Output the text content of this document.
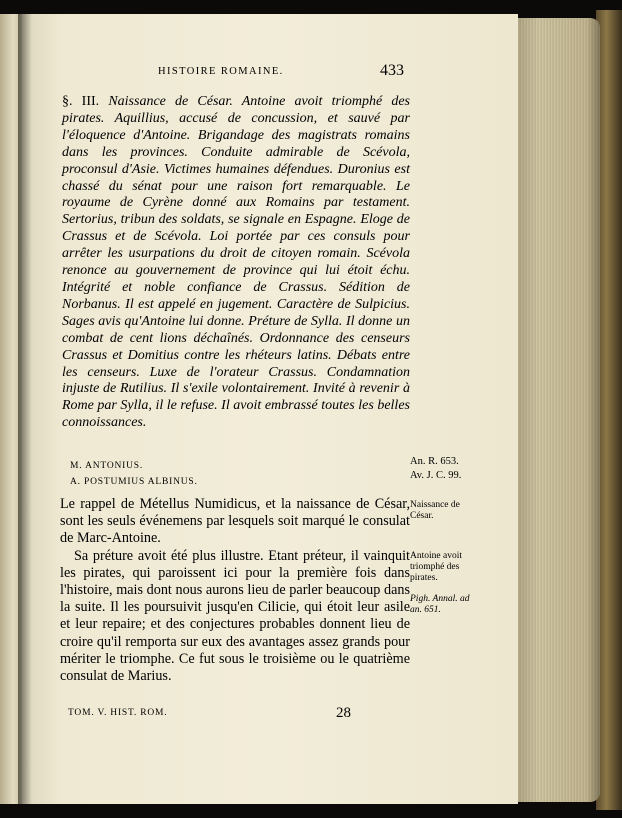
HISTOIRE ROMAINE.	433
§. III. Naissance de César. Antoine avoit triomphé des pirates. Aquillius, accusé de concussion, et sauvé par l'éloquence d'Antoine. Brigandage des magistrats romains dans les provinces. Conduite admirable de Scévola, proconsul d'Asie. Victimes humaines défendues. Duronius est chassé du sénat pour une raison fort remarquable. Le royaume de Cyrène donné aux Romains par testament. Sertorius, tribun des soldats, se signale en Espagne. Eloge de Crassus et de Scévola. Loi portée par ces consuls pour arrêter les usurpations du droit de citoyen romain. Scévola renonce au gouvernement de province qui lui étoit échu. Intégrité et noble confiance de Crassus. Sédition de Norbanus. Il est appelé en jugement. Caractère de Sulpicius. Sages avis qu'Antoine lui donne. Préture de Sylla. Il donne un combat de cent lions déchaînés. Ordonnance des censeurs Crassus et Domitius contre les rhéteurs latins. Débats entre les censeurs. Luxe de l'orateur Crassus. Condamnation injuste de Rutilius. Il s'exile volontairement. Invité à revenir à Rome par Sylla, il le refuse. Il avoit embrassé toutes les belles connoissances.
M. ANTONIUS.
A. POSTUMIUS ALBINUS.
An. R. 653.
Av. J. C. 99.

Le rappel de Métellus Numidicus, et la naissance de César, sont les seuls événemens par lesquels soit marqué le consulat de Marc-Antoine.

Sa préture avoit été plus illustre. Etant préteur, il vainquit les pirates, qui paroissent ici pour la première fois dans l'histoire, mais dont nous aurons lieu de parler beaucoup dans la suite. Il les poursuivit jusqu'en Cilicie, qui étoit leur asile et leur repaire; et des conjectures probables donnent lieu de croire qu'il remporta sur eux des avantages assez grands pour mériter le triomphe. Ce fut sous le troisième ou le quatrième consulat de Marius.

Naissance de César.
Antoine avoit triomphé des pirates.
Pigh. Annal. ad an. 651.
TOM. V. HIST. ROM.	28
